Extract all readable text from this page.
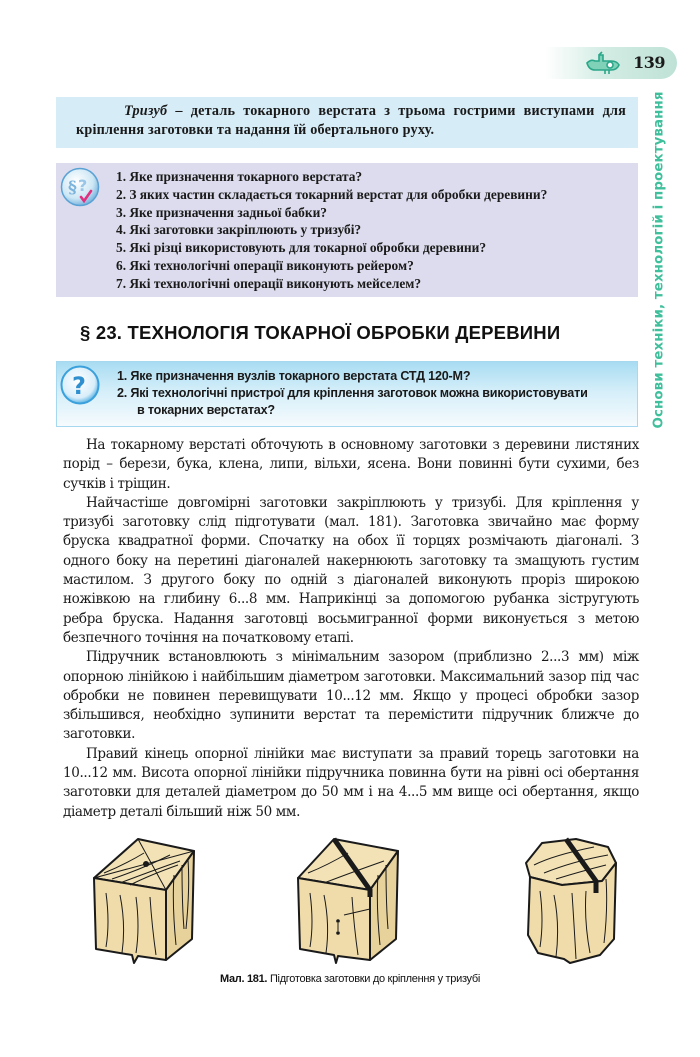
139
Основи техніки, технологій і проектування

Тризуб – деталь токарного верстата з трьома гострими виступами для кріплення заготовки та надання їй обертального руху.

§ ? 1. Яке призначення токарного верстата?
2. З яких частин складається токарний верстат для обробки деревини?
3. Яке призначення задньої бабки?
4. Які заготовки закріплюють у тризубі?
5. Які різці використовують для токарної обробки деревини?
6. Які технологічні операції виконують рейером?
7. Які технологічні операції виконують мейселем?
§ 23. ТЕХНОЛОГІЯ ТОКАРНОЇ ОБРОБКИ ДЕРЕВИНИ
? 1. Яке призначення вузлів токарного верстата СТД 120-М?
2. Які технологічні пристрої для кріплення заготовок можна використовувати
в токарних верстатах?

На токарному верстаті обточують в основному заготовки з деревини листяних порід – берези, бука, клена, липи, вільхи, ясена. Вони повинні бути сухими, без сучків і тріщин.

Найчастіше довгомірні заготовки закріплюють у тризубі. Для кріплення у тризубі заготовку слід підготувати (мал. 181). Заготовка звичайно має форму бруска квадратної форми. Спочатку на обох її торцях розмічають діагоналі. З одного боку на перетині діагоналей накернюють заготовку та змащують густим мастилом. З другого боку по одній з діагоналей виконують проріз широкою ножівкою на глибину 6...8 мм. Наприкінці за допомогою рубанка зістругують ребра бруска. Надання заготовці восьмигранної форми виконується з метою безпечного точіння на початковому етапі.

Підручник встановлюють з мінімальним зазором (приблизно 2...3 мм) між опорною лінійкою і найбільшим діаметром заготовки. Максимальний зазор під час обробки не повинен перевищувати 10...12 мм. Якщо у процесі обробки зазор збільшився, необхідно зупинити верстат та перемістити підручник ближче до заготовки.

Правий кінець опорної лінійки має виступати за правий торець заготовки на 10...12 мм. Висота опорної лінійки підручника повинна бути на рівні осі обертання заготовки для деталей діаметром до 50 мм і на 4...5 мм вище осі обертання, якщо діаметр деталі більший ніж 50 мм.

Мал. 181. Підготовка заготовки до кріплення у тризубі
